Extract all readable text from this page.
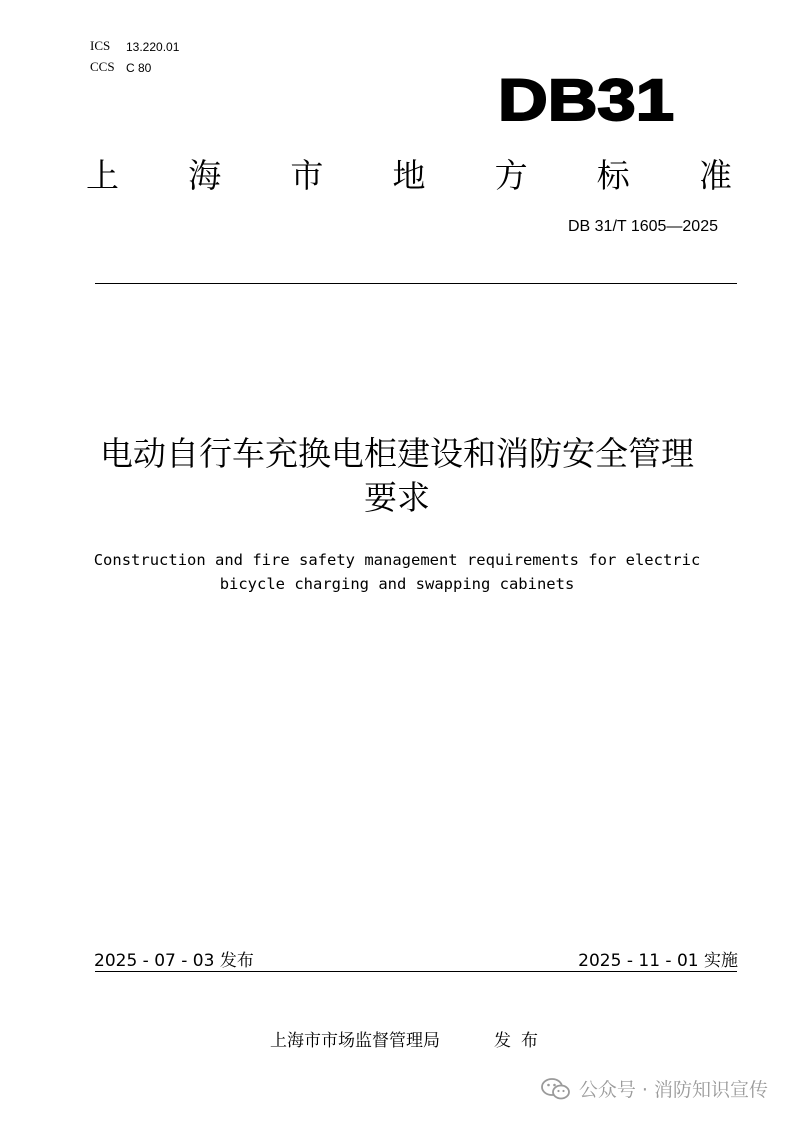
ICS 13.220.01
CCS C 80	DB31
上 海 市 地 方 标 准
DB 31/T 1605—2025
电动自行车充换电柜建设和消防安全管理
要求
Construction and fire safety management requirements for electric
bicycle charging and swapping cabinets
2025 - 07 - 03 发布	2025 - 11 - 01 实施
上海市市场监督管理局	发布
公众号 · 消防知识宣传
